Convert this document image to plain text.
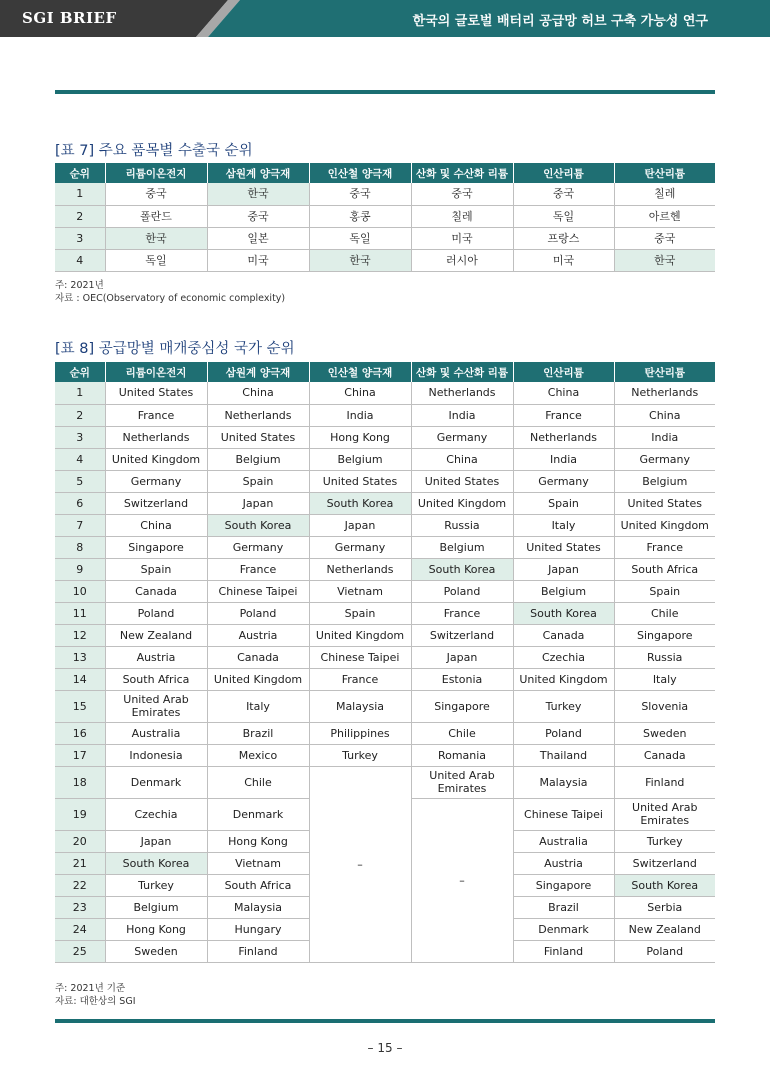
SGI BRIEF	한국의 글로벌 배터리 공급망 허브 구축 가능성 연구
[표 7] 주요 품목별 수출국 순위
순위	리튬이온전지	삼원계 양극재	인산철 양극재	산화 및 수산화 리튬	인산리튬	탄산리튬
1	중국	한국	중국	중국	중국	칠레
2	폴란드	중국	홍콩	칠레	독일	아르헨
3	한국	일본	독일	미국	프랑스	중국
4	독일	미국	한국	러시아	미국	한국
주: 2021년
자료 : OEC(Observatory of economic complexity)
[표 8] 공급망별 매개중심성 국가 순위
순위	리튬이온전지	삼원계 양극재	인산철 양극재	산화 및 수산화 리튬	인산리튬	탄산리튬
1	United States	China	China	Netherlands	China	Netherlands
2	France	Netherlands	India	India	France	China
3	Netherlands	United States	Hong Kong	Germany	Netherlands	India
4	United Kingdom	Belgium	Belgium	China	India	Germany
5	Germany	Spain	United States	United States	Germany	Belgium
6	Switzerland	Japan	South Korea	United Kingdom	Spain	United States
7	China	South Korea	Japan	Russia	Italy	United Kingdom
8	Singapore	Germany	Germany	Belgium	United States	France
9	Spain	France	Netherlands	South Korea	Japan	South Africa
10	Canada	Chinese Taipei	Vietnam	Poland	Belgium	Spain
11	Poland	Poland	Spain	France	South Korea	Chile
12	New Zealand	Austria	United Kingdom	Switzerland	Canada	Singapore
13	Austria	Canada	Chinese Taipei	Japan	Czechia	Russia
14	South Africa	United Kingdom	France	Estonia	United Kingdom	Italy
15	United Arab Emirates	Italy	Malaysia	Singapore	Turkey	Slovenia
16	Australia	Brazil	Philippines	Chile	Poland	Sweden
17	Indonesia	Mexico	Turkey	Romania	Thailand	Canada
18	Denmark	Chile	–	United Arab Emirates	Malaysia	Finland
19	Czechia	Denmark		–	Chinese Taipei	United Arab Emirates
20	Japan	Hong Kong			Australia	Turkey
21	South Korea	Vietnam			Austria	Switzerland
22	Turkey	South Africa			Singapore	South Korea
23	Belgium	Malaysia			Brazil	Serbia
24	Hong Kong	Hungary			Denmark	New Zealand
25	Sweden	Finland			Finland	Poland
주: 2021년 기준
자료: 대한상의 SGI
– 15 –
